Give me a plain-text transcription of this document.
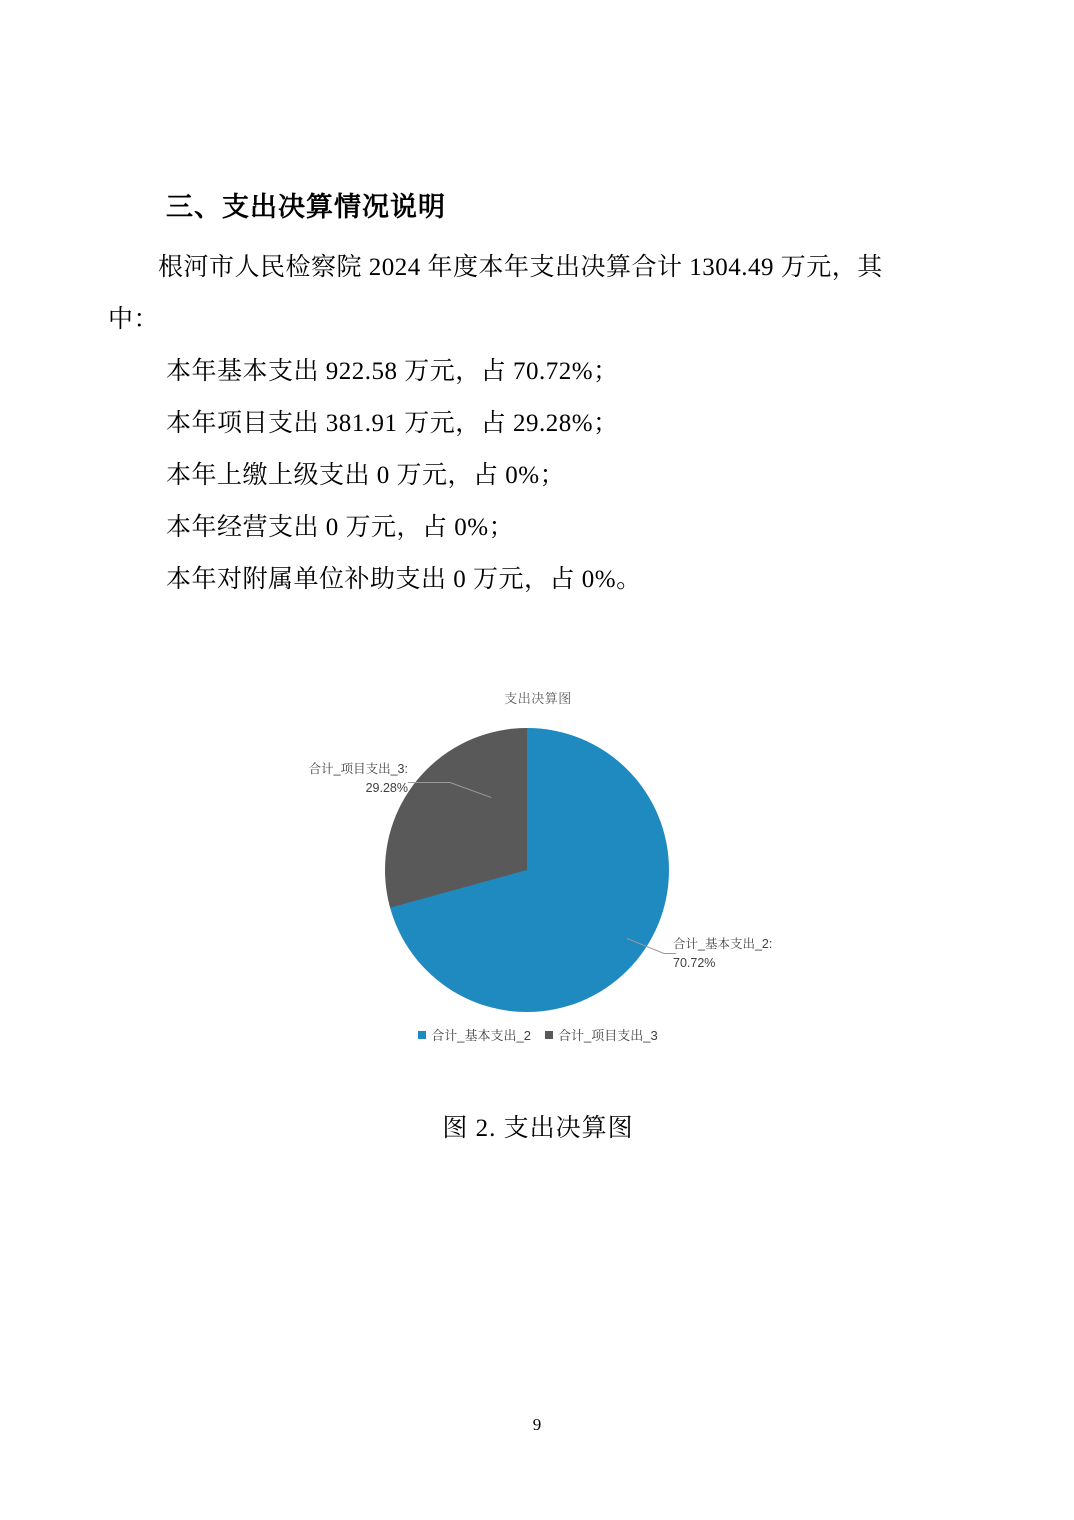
三、支出决算情况说明

根河市人民检察院 2024 年度本年支出决算合计 1304.49 万元，其

中：

本年基本支出 922.58 万元，占 70.72%；
本年项目支出 381.91 万元，占 29.28%；
本年上缴上级支出 0 万元，占 0%；
本年经营支出 0 万元，占 0%；
本年对附属单位补助支出 0 万元，占 0%。
支出决算图
合计_项目支出_3:
29.28%
合计_基本支出_2:
70.72%
合计_基本支出_2 合计_项目支出_3
图 2. 支出决算图
9
